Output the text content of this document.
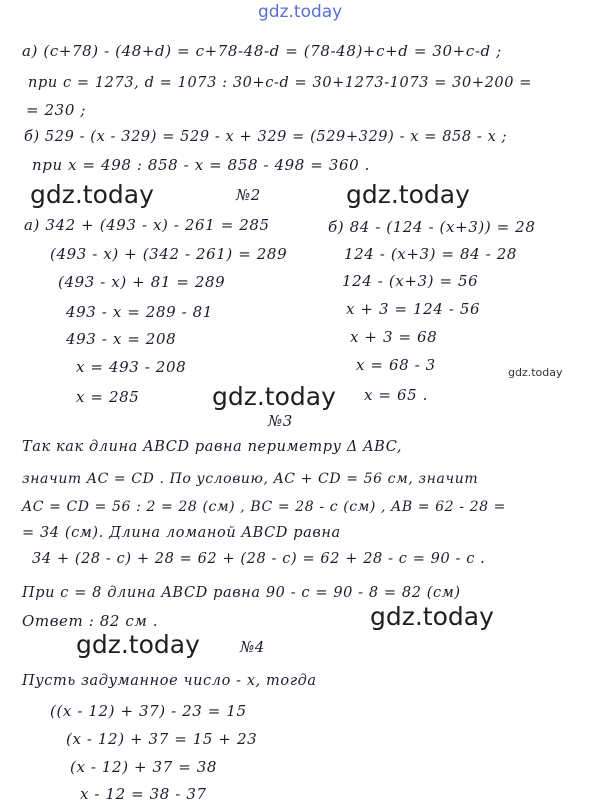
gdz.today
а) (c+78) - (48+d) = c+78-48-d = (78-48)+c+d = 30+c-d ;
при c = 1273, d = 1073 : 30+c-d = 30+1273-1073 = 30+200 =
= 230 ;
б) 529 - (x - 329) = 529 - x + 329 = (529+329) - x = 858 - x ;
при x = 498 : 858 - x = 858 - 498 = 360 .
gdz.today	№2	gdz.today
а) 342 + (493 - x) - 261 = 285
(493 - x) + (342 - 261) = 289
(493 - x) + 81 = 289
493 - x = 289 - 81
493 - x = 208
x = 493 - 208
x = 285
б) 84 - (124 - (x+3)) = 28
124 - (x+3) = 84 - 28
124 - (x+3) = 56
x + 3 = 124 - 56
x + 3 = 68
x = 68 - 3	gdz.today
gdz.today x = 65 .
№3
Так как длина ABCD равна периметру Δ ABC,
значит AC = CD . По условию, AC + CD = 56 см, значит
AC = CD = 56 : 2 = 28 (см) , BC = 28 - c (см) , AB = 62 - 28 =
= 34 (см). Длина ломаной ABCD равна
34 + (28 - c) + 28 = 62 + (28 - c) = 62 + 28 - c = 90 - c .
При c = 8 длина ABCD равна 90 - c = 90 - 8 = 82 (см)
Ответ : 82 см .	gdz.today
gdz.today	№4
Пусть задуманное число - x, тогда
((x - 12) + 37) - 23 = 15
(x - 12) + 37 = 15 + 23
(x - 12) + 37 = 38
x - 12 = 38 - 37
